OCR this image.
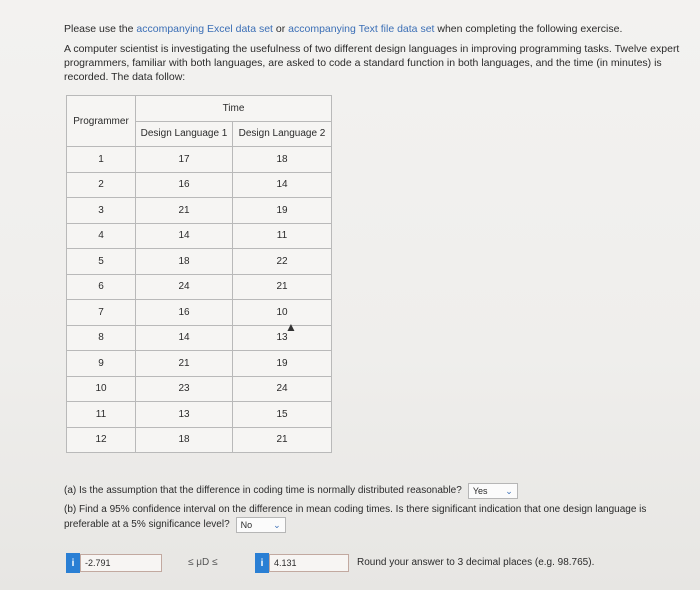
Please use the accompanying Excel data set or accompanying Text file data set when completing the following exercise.

A computer scientist is investigating the usefulness of two different design languages in improving programming tasks. Twelve expert programmers, familiar with both languages, are asked to code a standard function in both languages, and the time (in minutes) is recorded. The data follow:

Programmer	Time	
	Design Language 1	Design Language 2
1	17	18
2	16	14
3	21	19
4	14	11
5	18	22
6	24	21
7	16	10
8	14	13
9	21	19
10	23	24
11	13	15
12	18	21
▲
(a) Is the assumption that the difference in coding time is normally distributed reasonable? Yes ⌄

(b) Find a 95% confidence interval on the difference in mean coding times. Is there significant indication that one design language is

preferable at a 5% significance level? No ⌄
i	-2.791	≤ μD ≤	i	4.131	Round your answer to 3 decimal places (e.g. 98.765).
